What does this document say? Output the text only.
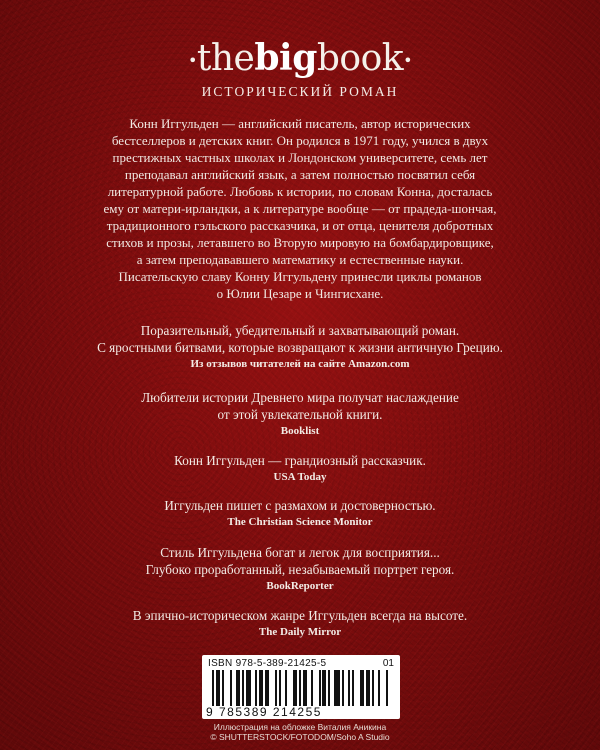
•thebigbook•
ИСТОРИЧЕСКИЙ РОМАН
Конн Иггульден — английский писатель, автор исторических
бестселлеров и детских книг. Он родился в 1971 году, учился в двух
престижных частных школах и Лондонском университете, семь лет
преподавал английский язык, а затем полностью посвятил себя
литературной работе. Любовь к истории, по словам Конна, досталась
ему от матери-ирландки, а к литературе вообще — от прадеда-шончая,
традиционного гэльского рассказчика, и от отца, ценителя добротных
стихов и прозы, летавшего во Вторую мировую на бомбардировщике,
а затем преподававшего математику и естественные науки.
Писательскую славу Конну Иггульдену принесли циклы романов
о Юлии Цезаре и Чингисхане.
Поразительный, убедительный и захватывающий роман.
С яростными битвами, которые возвращают к жизни античную Грецию.
Из отзывов читателей на сайте Amazon.com
Любители истории Древнего мира получат наслаждение
от этой увлекательной книги.
Booklist
Конн Иггульден — грандиозный рассказчик.
USA Today
Иггульден пишет с размахом и достоверностью.
The Christian Science Monitor
Стиль Иггульдена богат и легок для восприятия...
Глубоко проработанный, незабываемый портрет героя.
BookReporter
В эпично-историческом жанре Иггульден всегда на высоте.
The Daily Mirror
ISBN 978-5-389-21425-5	01
9 785389 214255
Иллюстрация на обложке Виталия Аникина
© SHUTTERSTOCK/FOTODOM/Soho A Studio
